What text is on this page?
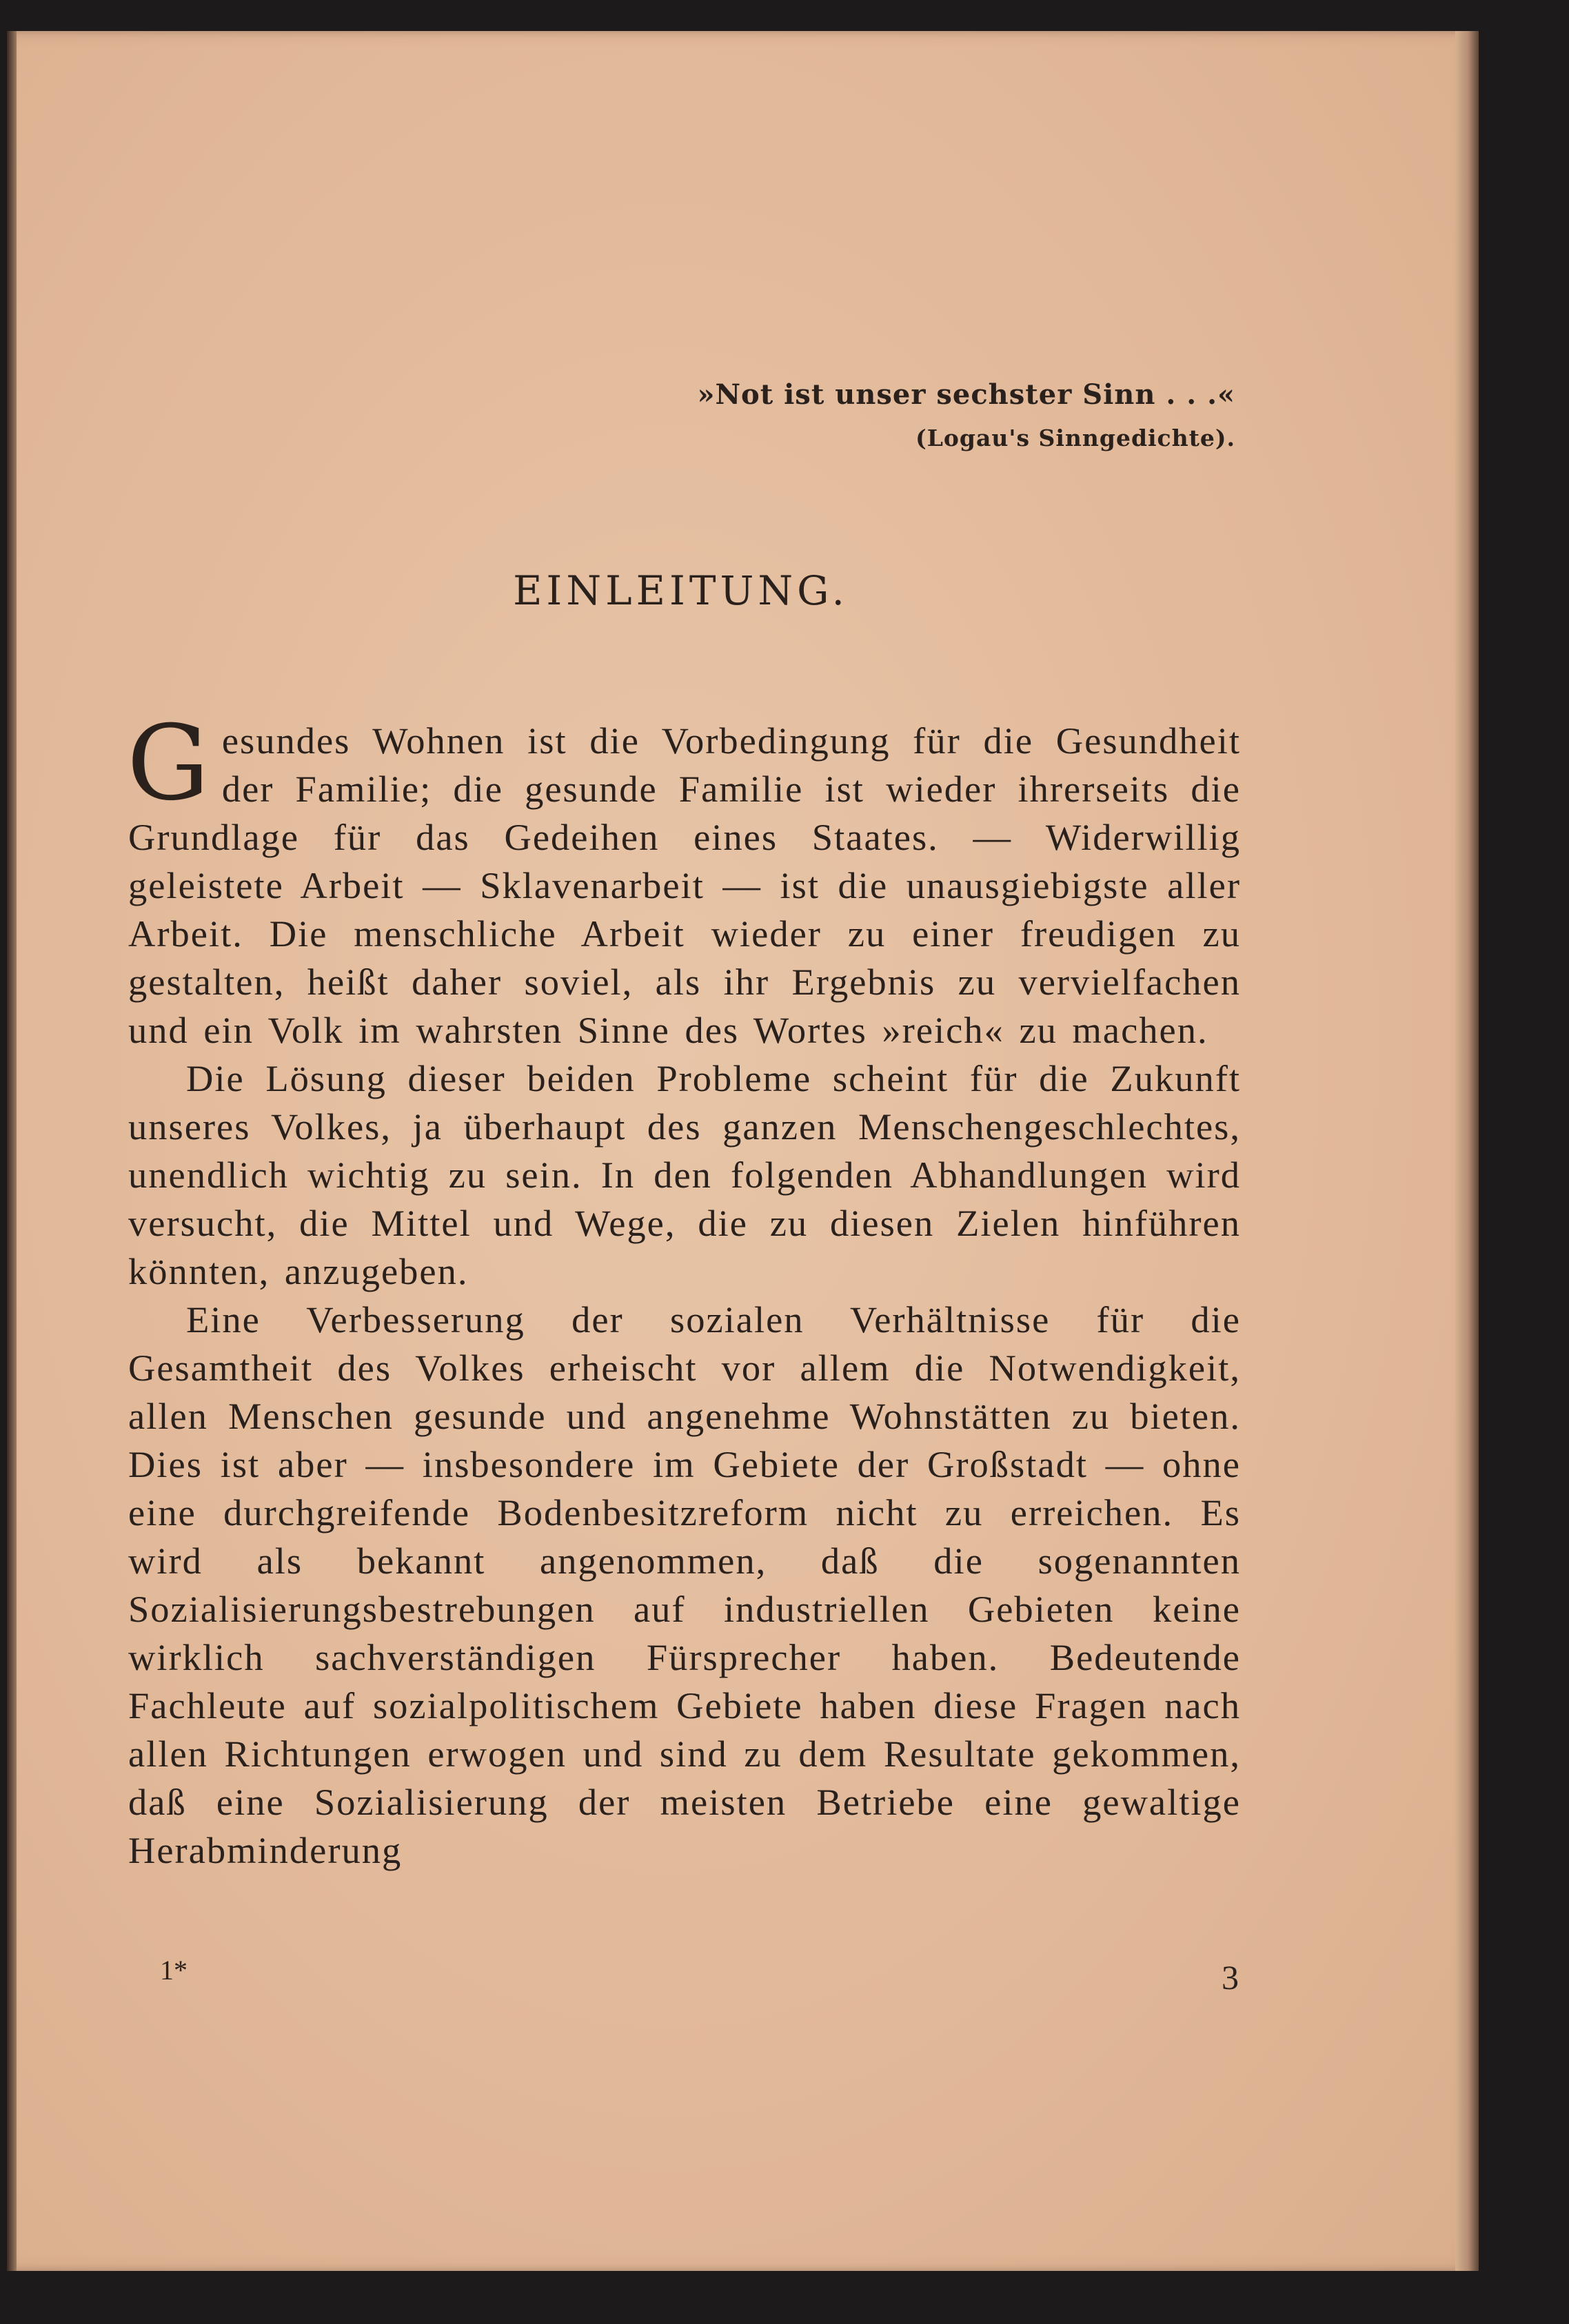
»Not ist unser sechster Sinn . . .«
(Logau's Sinngedichte).
EINLEITUNG.

Gesundes Wohnen ist die Vorbedingung für die Gesundheit der Familie; die gesunde Familie ist wieder ihrerseits die Grundlage für das Gedeihen eines Staates. — Widerwillig geleistete Arbeit — Sklavenarbeit — ist die unausgiebigste aller Arbeit. Die menschliche Arbeit wieder zu einer freudigen zu gestalten, heißt daher soviel, als ihr Ergebnis zu vervielfachen und ein Volk im wahrsten Sinne des Wortes »reich« zu machen.

Die Lösung dieser beiden Probleme scheint für die Zukunft unseres Volkes, ja überhaupt des ganzen Menschengeschlechtes, unendlich wichtig zu sein. In den folgenden Abhandlungen wird versucht, die Mittel und Wege, die zu diesen Zielen hinführen könnten, anzugeben.

Eine Verbesserung der sozialen Verhältnisse für die Gesamtheit des Volkes erheischt vor allem die Notwendigkeit, allen Menschen gesunde und angenehme Wohnstätten zu bieten. Dies ist aber — insbesondere im Gebiete der Großstadt — ohne eine durchgreifende Bodenbesitzreform nicht zu erreichen. Es wird als bekannt angenommen, daß die sogenannten Sozialisierungsbestrebungen auf industriellen Gebieten keine wirklich sachverständigen Fürsprecher haben. Bedeutende Fachleute auf sozialpolitischem Gebiete haben diese Fragen nach allen Richtungen erwogen und sind zu dem Resultate gekommen, daß eine Sozialisierung der meisten Betriebe eine gewaltige Herabminderung

1*	3
